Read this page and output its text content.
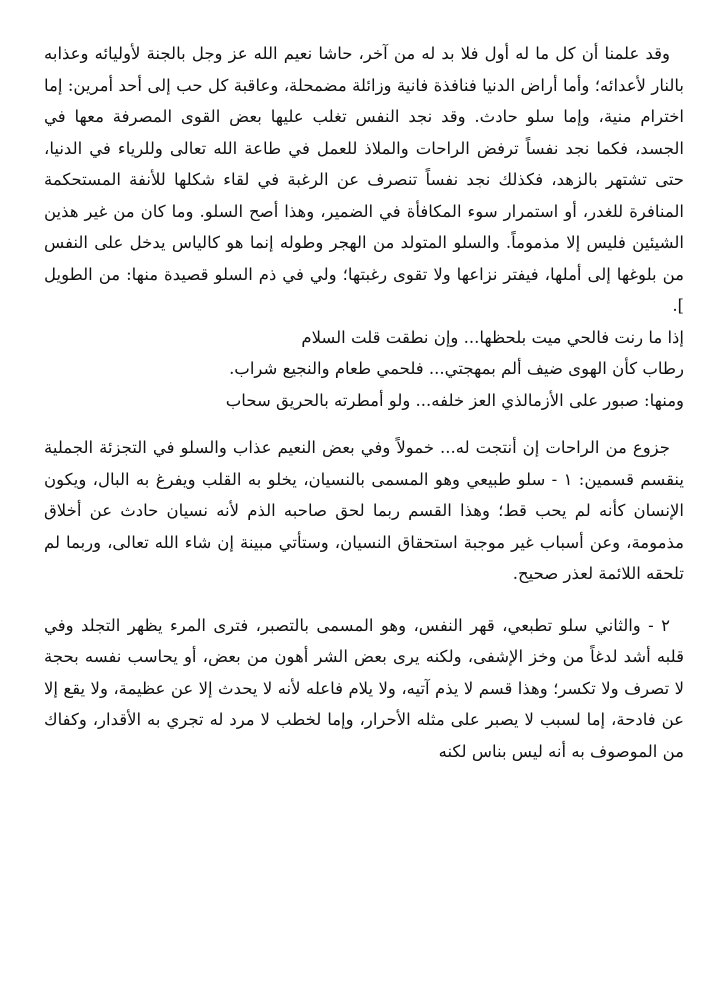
وقد علمنا أن كل ما له أول فلا بد له من آخر، حاشا نعيم الله عز وجل بالجنة لأوليائه وعذابه بالنار لأعدائه؛ وأما أراض الدنيا فنافذة فانية وزائلة مضمحلة، وعاقبة كل حب إلى أحد أمرين: إما اخترام منية، وإما سلو حادث. وقد نجد النفس تغلب عليها بعض القوى المصرفة معها في الجسد، فكما نجد نفساً ترفض الراحات والملاذ للعمل في طاعة الله تعالى وللرياء في الدنيا، حتى تشتهر بالزهد، فكذلك نجد نفساً تنصرف عن الرغبة في لقاء شكلها للأنفة المستحكمة المنافرة للغدر، أو استمرار سوء المكافأة في الضمير، وهذا أصح السلو. وما كان من غير هذين الشيئين فليس إلا مذموماً. والسلو المتولد من الهجر وطوله إنما هو كالياس يدخل على النفس من بلوغها إلى أملها، فيفتر نزاعها ولا تقوى رغبتها؛ ولي في ذم السلو قصيدة منها: من الطويل ].

إذا ما رنت فالحي ميت بلحظها... وإن نطقت قلت السلام

رطاب كأن الهوى ضيف ألم بمهجتي... فلحمي طعام والنجيع شراب.

ومنها: صبور على الأزمالذي العز خلفه... ولو أمطرته بالحريق سحاب

جزوع من الراحات إن أنتجت له... خمولاً وفي بعض النعيم عذاب والسلو في التجزئة الجملية ينقسم قسمين: ١ - سلو طبيعي وهو المسمى بالنسيان، يخلو به القلب ويفرغ به البال، ويكون الإنسان كأنه لم يحب قط؛ وهذا القسم ربما لحق صاحبه الذم لأنه نسيان حادث عن أخلاق مذمومة، وعن أسباب غير موجبة استحقاق النسيان، وستأتي مبينة إن شاء الله تعالى، وربما لم تلحقه اللائمة لعذر صحيح.

٢ - والثاني سلو تطبعي، قهر النفس، وهو المسمى بالتصبر، فترى المرء يظهر التجلد وفي قلبه أشد لدغاً من وخز الإشفى، ولكنه يرى بعض الشر أهون من بعض، أو يحاسب نفسه بحجة لا تصرف ولا تكسر؛ وهذا قسم لا يذم آتيه، ولا يلام فاعله لأنه لا يحدث إلا عن عظيمة، ولا يقع إلا عن فادحة، إما لسبب لا يصبر على مثله الأحرار، وإما لخطب لا مرد له تجري به الأقدار، وكفاك من الموصوف به أنه ليس بناس لكنه
